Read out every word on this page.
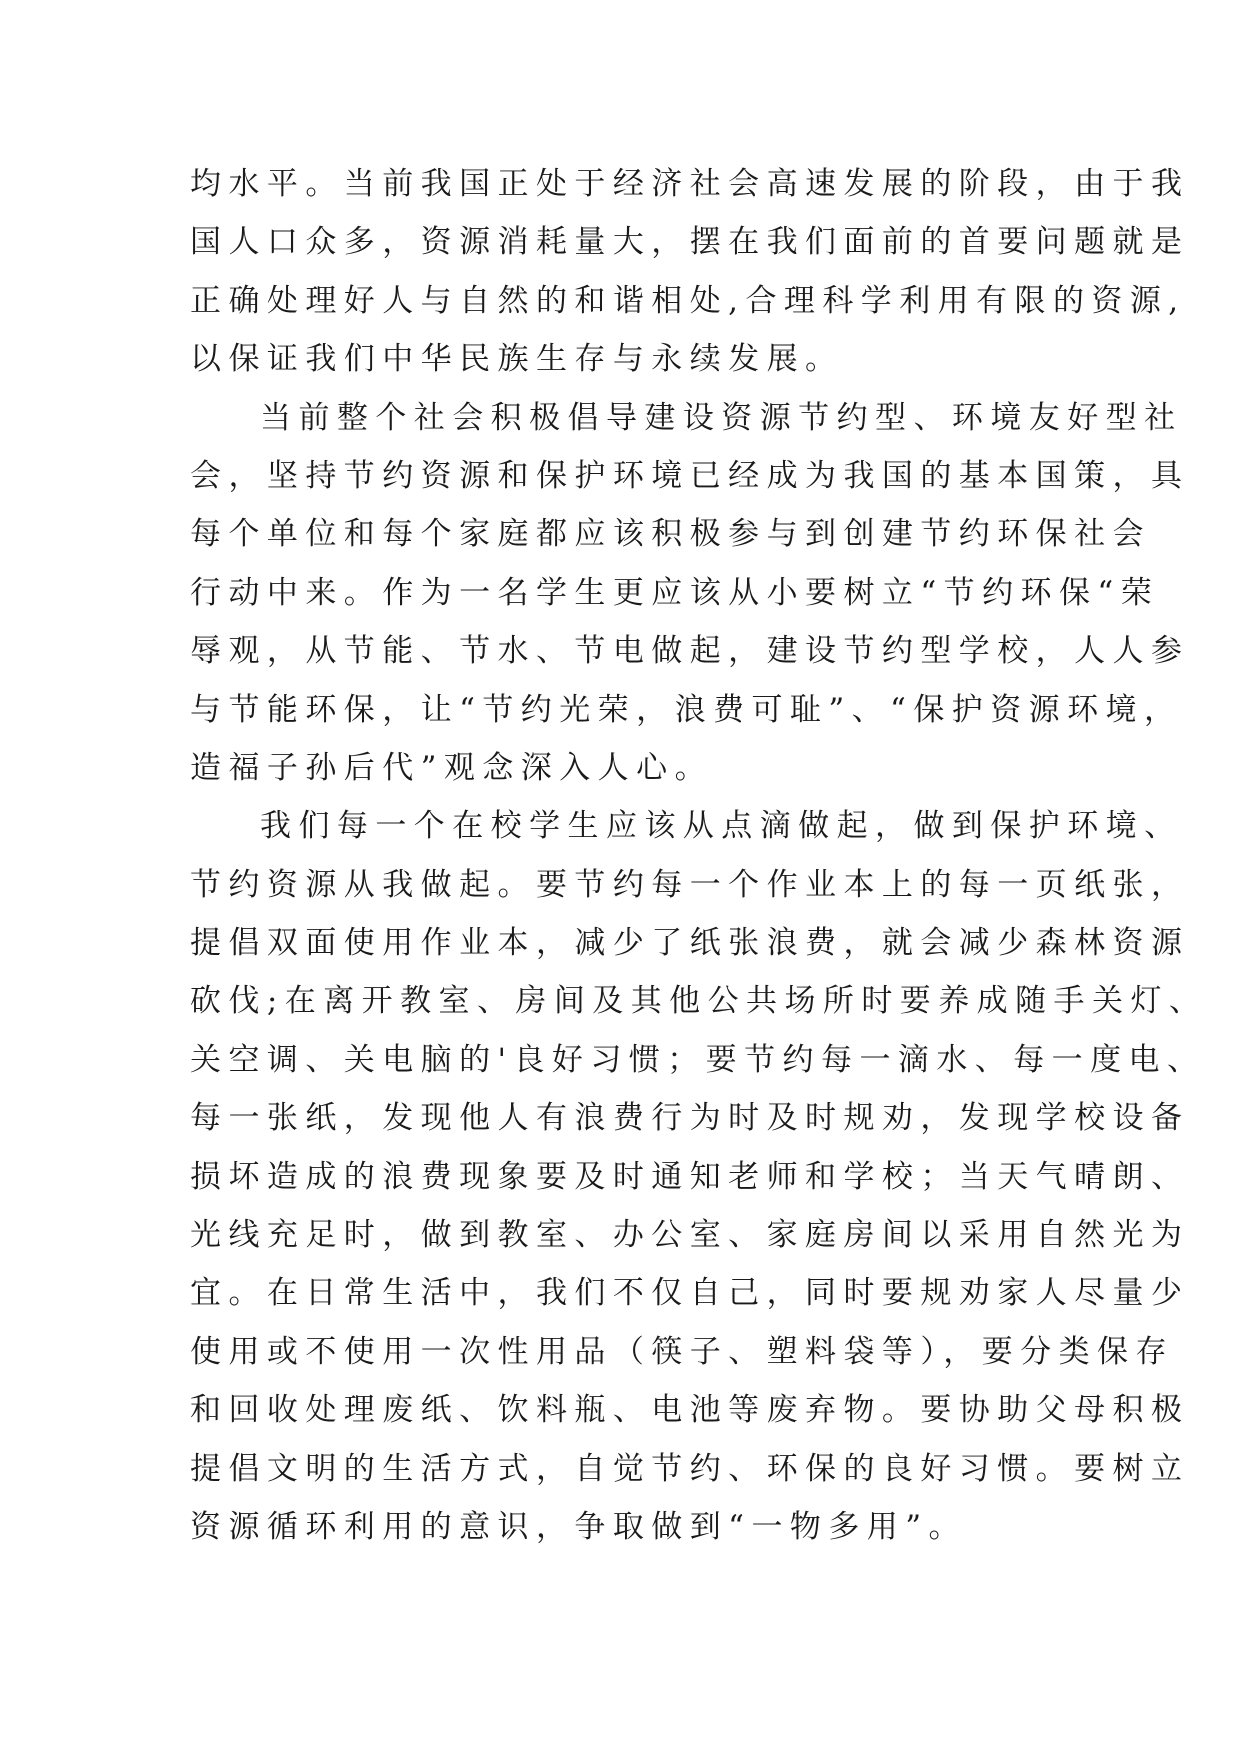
均水平。当前我国正处于经济社会高速发展的阶段，由于我
国人口众多，资源消耗量大，摆在我们面前的首要问题就是
正确处理好人与自然的和谐相处,合理科学利用有限的资源,
以保证我们中华民族生存与永续发展。
当前整个社会积极倡导建设资源节约型、环境友好型社
会，坚持节约资源和保护环境已经成为我国的基本国策，具
每个单位和每个家庭都应该积极参与到创建节约环保社会
行动中来。作为一名学生更应该从小要树立“节约环保“荣
辱观，从节能、节水、节电做起，建设节约型学校，人人参
与节能环保，让“节约光荣，浪费可耻”、“保护资源环境，
造福子孙后代”观念深入人心。
我们每一个在校学生应该从点滴做起，做到保护环境、
节约资源从我做起。要节约每一个作业本上的每一页纸张，
提倡双面使用作业本，减少了纸张浪费，就会减少森林资源
砍伐;在离开教室、房间及其他公共场所时要养成随手关灯、
关空调、关电脑的'良好习惯；要节约每一滴水、每一度电、
每一张纸，发现他人有浪费行为时及时规劝，发现学校设备
损坏造成的浪费现象要及时通知老师和学校；当天气晴朗、
光线充足时，做到教室、办公室、家庭房间以采用自然光为
宜。在日常生活中，我们不仅自己，同时要规劝家人尽量少
使用或不使用一次性用品（筷子、塑料袋等），要分类保存
和回收处理废纸、饮料瓶、电池等废弃物。要协助父母积极
提倡文明的生活方式，自觉节约、环保的良好习惯。要树立
资源循环利用的意识，争取做到“一物多用”。
